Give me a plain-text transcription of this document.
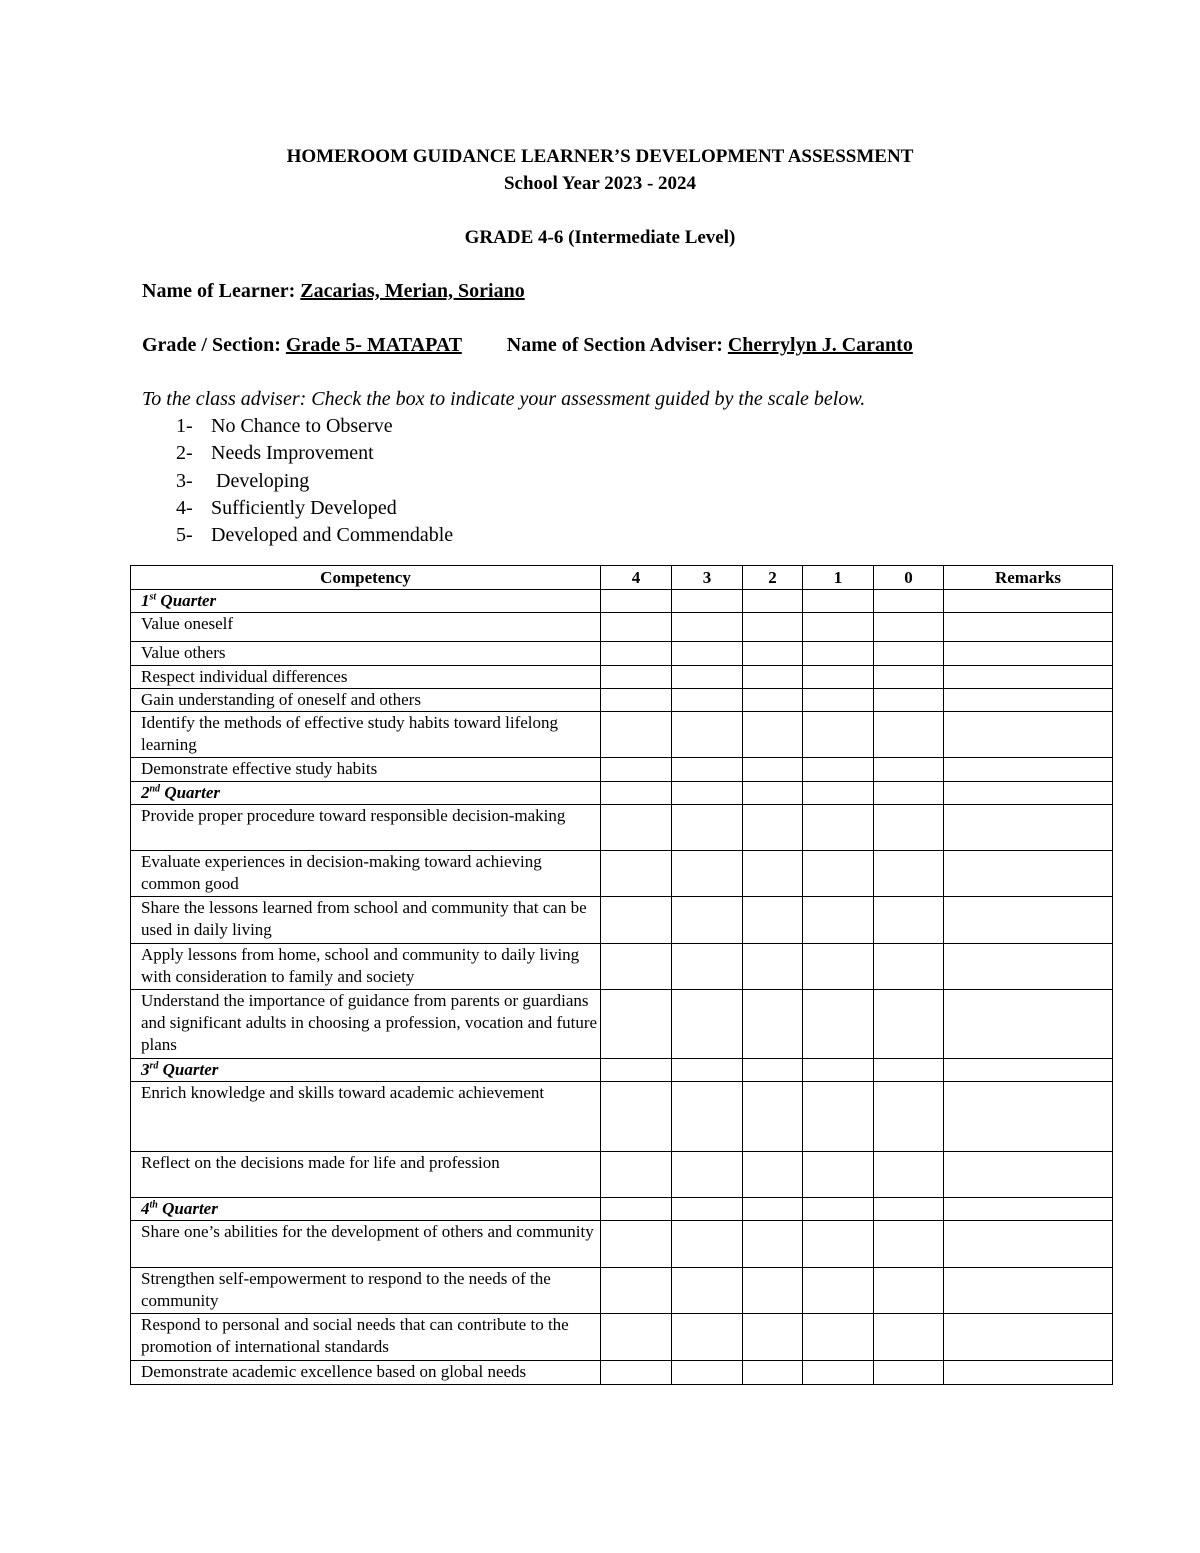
HOMEROOM GUIDANCE LEARNER’S DEVELOPMENT ASSESSMENT
School Year 2023 - 2024
GRADE 4-6 (Intermediate Level)
Name of Learner: Zacarias, Merian, Soriano
Grade / Section: Grade 5- MATAPAT Name of Section Adviser: Cherrylyn J. Caranto
To the class adviser: Check the box to indicate your assessment guided by the scale below.
1- No Chance to Observe
2- Needs Improvement
3- Developing
4- Sufficiently Developed
5- Developed and Commendable
Competency	4	3	2	1	0	Remarks
1st Quarter						
Value oneself						
Value others						
Respect individual differences						
Gain understanding of oneself and others						
Identify the methods of effective study habits toward lifelong learning						
Demonstrate effective study habits						
2nd Quarter						
Provide proper procedure toward responsible decision-making						
Evaluate experiences in decision-making toward achieving common good						
Share the lessons learned from school and community that can be used in daily living						
Apply lessons from home, school and community to daily living with consideration to family and society						
Understand the importance of guidance from parents or guardians and significant adults in choosing a profession, vocation and future plans						
3rd Quarter						
Enrich knowledge and skills toward academic achievement						
Reflect on the decisions made for life and profession						
4th Quarter						
Share one’s abilities for the development of others and community						
Strengthen self-empowerment to respond to the needs of the community						
Respond to personal and social needs that can contribute to the promotion of international standards						
Demonstrate academic excellence based on global needs						
